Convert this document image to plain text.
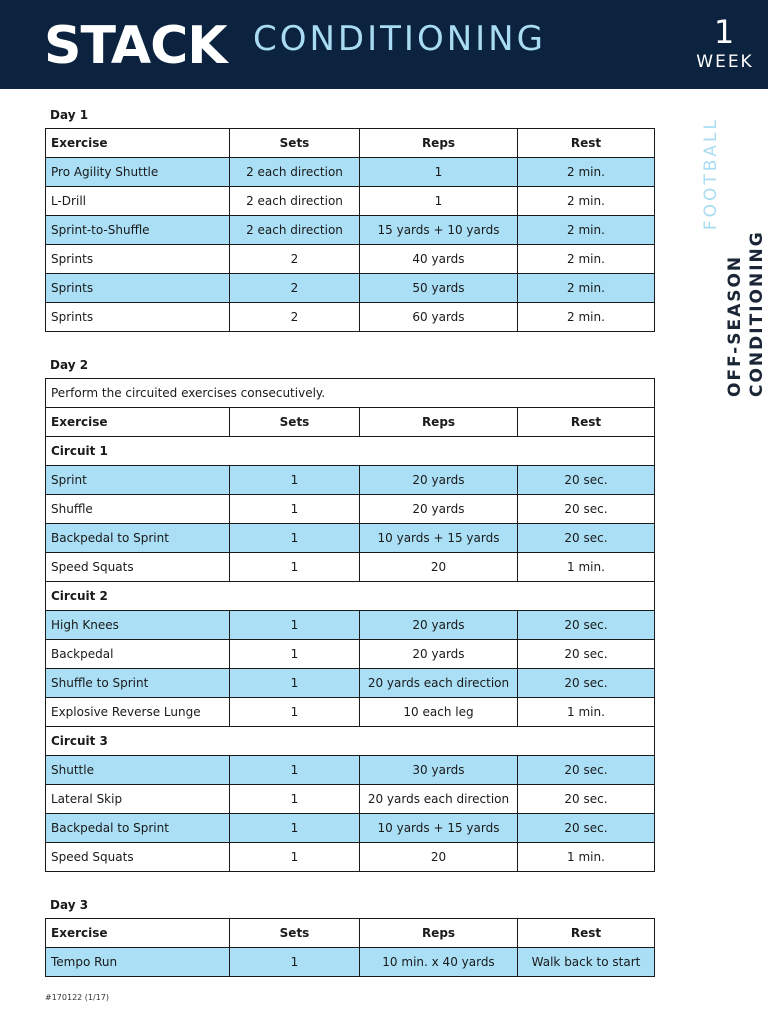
STACK CONDITIONING	1
WEEK
FOOTBALL
OFF-SEASON CONDITIONING
Day 1
Exercise	Sets	Reps	Rest
Pro Agility Shuttle	2 each direction	1	2 min.
L-Drill	2 each direction	1	2 min.
Sprint-to-Shuffle	2 each direction	15 yards + 10 yards	2 min.
Sprints	2	40 yards	2 min.
Sprints	2	50 yards	2 min.
Sprints	2	60 yards	2 min.
Day 2
Perform the circuited exercises consecutively.			
Exercise	Sets	Reps	Rest
Circuit 1			
Sprint	1	20 yards	20 sec.
Shuffle	1	20 yards	20 sec.
Backpedal to Sprint	1	10 yards + 15 yards	20 sec.
Speed Squats	1	20	1 min.
Circuit 2			
High Knees	1	20 yards	20 sec.
Backpedal	1	20 yards	20 sec.
Shuffle to Sprint	1	20 yards each direction	20 sec.
Explosive Reverse Lunge	1	10 each leg	1 min.
Circuit 3			
Shuttle	1	30 yards	20 sec.
Lateral Skip	1	20 yards each direction	20 sec.
Backpedal to Sprint	1	10 yards + 15 yards	20 sec.
Speed Squats	1	20	1 min.
Day 3
Exercise	Sets	Reps	Rest
Tempo Run	1	10 min. x 40 yards	Walk back to start
#170122 (1/17)
